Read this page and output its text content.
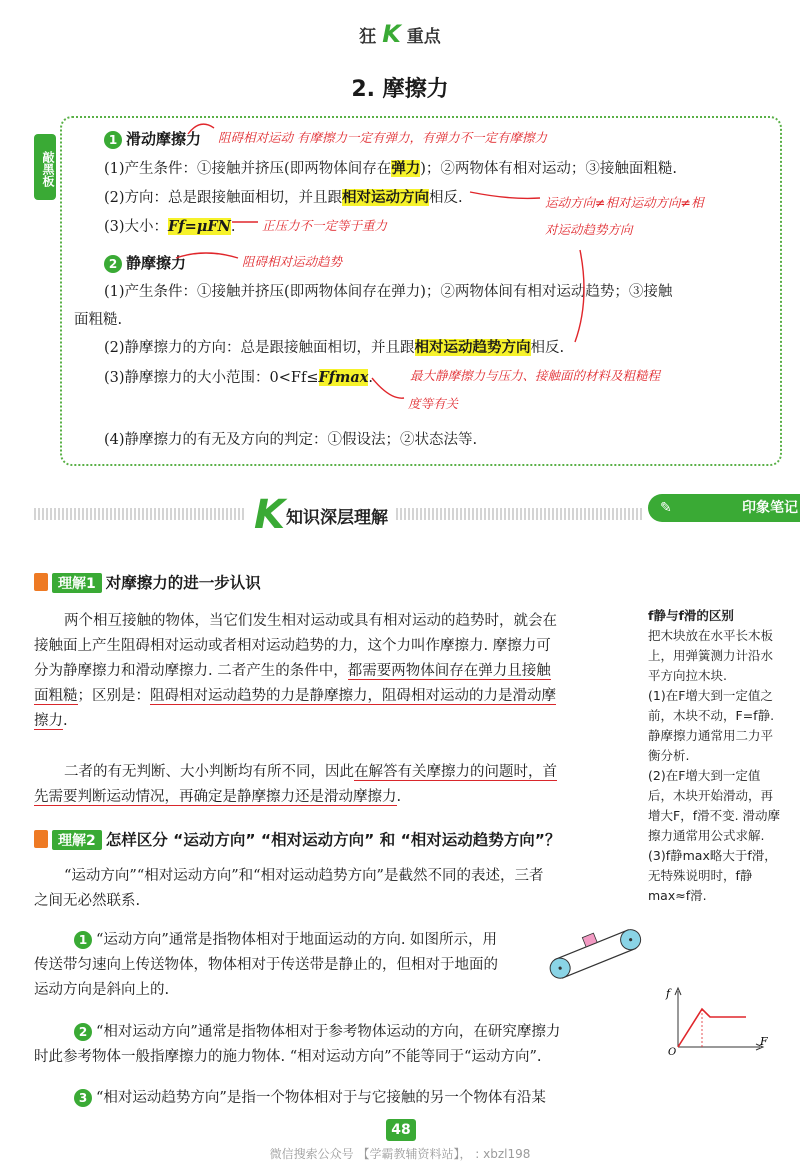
狂 K 重点
2. 摩擦力
敲黑板
1 滑动摩擦力 阻碍相对运动 有摩擦力一定有弹力，有弹力不一定有摩擦力
(1)产生条件：①接触并挤压(即两物体间存在弹力)；②两物体有相对运动；③接触面粗糙.
(2)方向：总是跟接触面相切，并且跟相对运动方向相反.	运动方向≠相对运动方向≠相
对运动趋势方向
(3)大小：Ff=μFN. 正压力不一定等于重力
2 静摩擦力	阻碍相对运动趋势
(1)产生条件：①接触并挤压(即两物体间存在弹力)；②两物体间有相对运动趋势；③接触
面粗糙.
(2)静摩擦力的方向：总是跟接触面相切，并且跟相对运动趋势方向相反.
(3)静摩擦力的大小范围：0<Ff≤Ffmax.	最大静摩擦力与压力、接触面的材料及粗糙程
度等有关
(4)静摩擦力的有无及方向的判定：①假设法；②状态法等.
K 知识深层理解	✎	印象笔记
理解1 对摩擦力的进一步认识
两个相互接触的物体，当它们发生相对运动或具有相对运动的趋势时，就会在
接触面上产生阻碍相对运动或者相对运动趋势的力，这个力叫作摩擦力. 摩擦力可
分为静摩擦力和滑动摩擦力. 二者产生的条件中，都需要两物体间存在弹力且接触
面粗糙；区别是：阻碍相对运动趋势的力是静摩擦力，阻碍相对运动的力是滑动摩
擦力.
二者的有无判断、大小判断均有所不同，因此在解答有关摩擦力的问题时，首
先需要判断运动情况，再确定是静摩擦力还是滑动摩擦力.
理解2 怎样区分 “运动方向” “相对运动方向” 和 “相对运动趋势方向”？
“运动方向”“相对运动方向”和“相对运动趋势方向”是截然不同的表述，三者
之间无必然联系.
1 “运动方向”通常是指物体相对于地面运动的方向. 如图所示，用
传送带匀速向上传送物体，物体相对于传送带是静止的，但相对于地面的
运动方向是斜向上的.
2 “相对运动方向”通常是指物体相对于参考物体运动的方向，在研究摩擦力
时此参考物体一般指摩擦力的施力物体. “相对运动方向”不能等同于“运动方向”.
3 “相对运动趋势方向”是指一个物体相对于与它接触的另一个物体有沿某
f静与f滑的区别
把木块放在水平长木板上，用弹簧测力计沿水平方向拉木块.
(1)在F增大到一定值之前，木块不动，F=f静. 静摩擦力通常用二力平衡分析.
(2)在F增大到一定值后，木块开始滑动，再增大F，f滑不变. 滑动摩擦力通常用公式求解.
(3)f静max略大于f滑，无特殊说明时，f静max≈f滑.
f
F
O
48
微信搜索公众号 【学霸教辅资料站】， : xbzl198
